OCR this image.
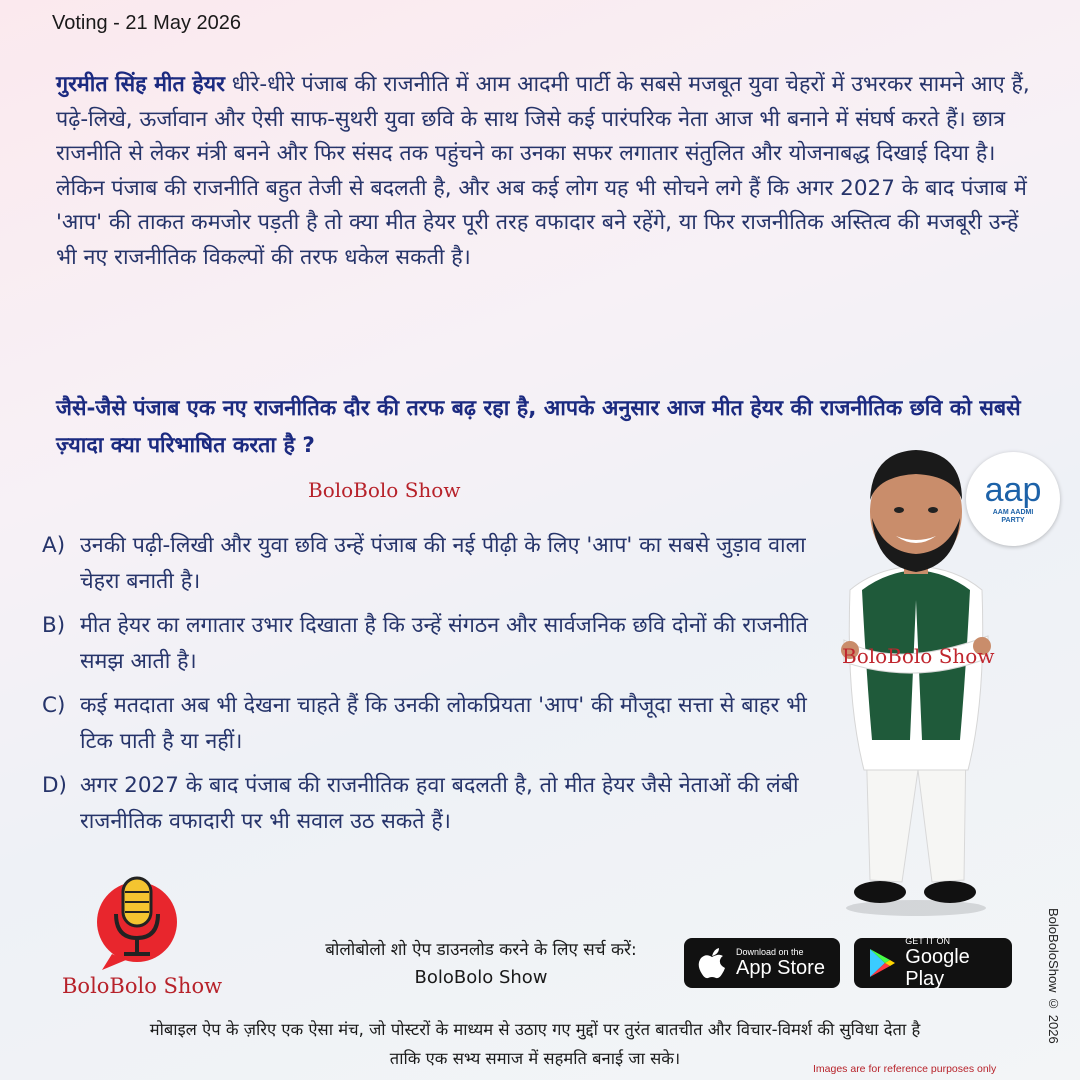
Voting - 21 May 2026
गुरमीत सिंह मीत हेयर धीरे-धीरे पंजाब की राजनीति में आम आदमी पार्टी के सबसे मजबूत युवा चेहरों में उभरकर सामने आए हैं, पढ़े-लिखे, ऊर्जावान और ऐसी साफ-सुथरी युवा छवि के साथ जिसे कई पारंपरिक नेता आज भी बनाने में संघर्ष करते हैं। छात्र राजनीति से लेकर मंत्री बनने और फिर संसद तक पहुंचने का उनका सफर लगातार संतुलित और योजनाबद्ध दिखाई दिया है। लेकिन पंजाब की राजनीति बहुत तेजी से बदलती है, और अब कई लोग यह भी सोचने लगे हैं कि अगर 2027 के बाद पंजाब में 'आप' की ताकत कमजोर पड़ती है तो क्या मीत हेयर पूरी तरह वफादार बने रहेंगे, या फिर राजनीतिक अस्तित्व की मजबूरी उन्हें भी नए राजनीतिक विकल्पों की तरफ धकेल सकती है।
जैसे-जैसे पंजाब एक नए राजनीतिक दौर की तरफ बढ़ रहा है, आपके अनुसार आज मीत हेयर की राजनीतिक छवि को सबसे ज़्यादा क्या परिभाषित करता है ?
BoloBolo Show
A) उनकी पढ़ी-लिखी और युवा छवि उन्हें पंजाब की नई पीढ़ी के लिए 'आप' का सबसे जुड़ाव वाला चेहरा बनाती है।
B) मीत हेयर का लगातार उभार दिखाता है कि उन्हें संगठन और सार्वजनिक छवि दोनों की राजनीति समझ आती है।
C) कई मतदाता अब भी देखना चाहते हैं कि उनकी लोकप्रियता 'आप' की मौजूदा सत्ता से बाहर भी टिक पाती है या नहीं।
D) अगर 2027 के बाद पंजाब की राजनीतिक हवा बदलती है, तो मीत हेयर जैसे नेताओं की लंबी राजनीतिक वफादारी पर भी सवाल उठ सकते हैं।
aap
AAM AADMI
PARTY
BoloBolo Show
BoloBolo Show
बोलोबोलो शो ऐप डाउनलोड करने के लिए सर्च करें:
BoloBolo Show
Download on the
App Store
GET IT ON
Google Play
मोबाइल ऐप के ज़रिए एक ऐसा मंच, जो पोस्टरों के माध्यम से उठाए गए मुद्दों पर तुरंत बातचीत और विचार-विमर्श की सुविधा देता है
ताकि एक सभ्य समाज में सहमति बनाई जा सके।
Images are for reference purposes only
BoloBoloShow © 2026
